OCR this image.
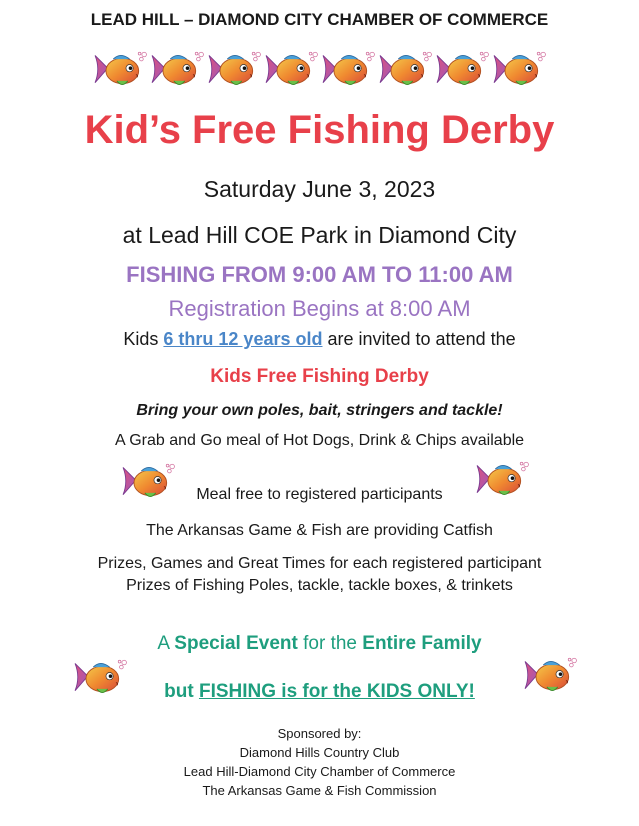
LEAD HILL – DIAMOND CITY CHAMBER OF COMMERCE
Kid’s Free Fishing Derby
Saturday June 3, 2023
at Lead Hill COE Park in Diamond City
FISHING FROM 9:00 AM TO 11:00 AM
Registration Begins at 8:00 AM
Kids 6 thru 12 years old are invited to attend the
Kids Free Fishing Derby
Bring your own poles, bait, stringers and tackle!
A Grab and Go meal of Hot Dogs, Drink & Chips available
Meal free to registered participants
The Arkansas Game & Fish are providing Catfish
Prizes, Games and Great Times for each registered participant
Prizes of Fishing Poles, tackle, tackle boxes, & trinkets
A Special Event for the Entire Family
but FISHING is for the KIDS ONLY!
Sponsored by:
Diamond Hills Country Club
Lead Hill-Diamond City Chamber of Commerce
The Arkansas Game & Fish Commission
